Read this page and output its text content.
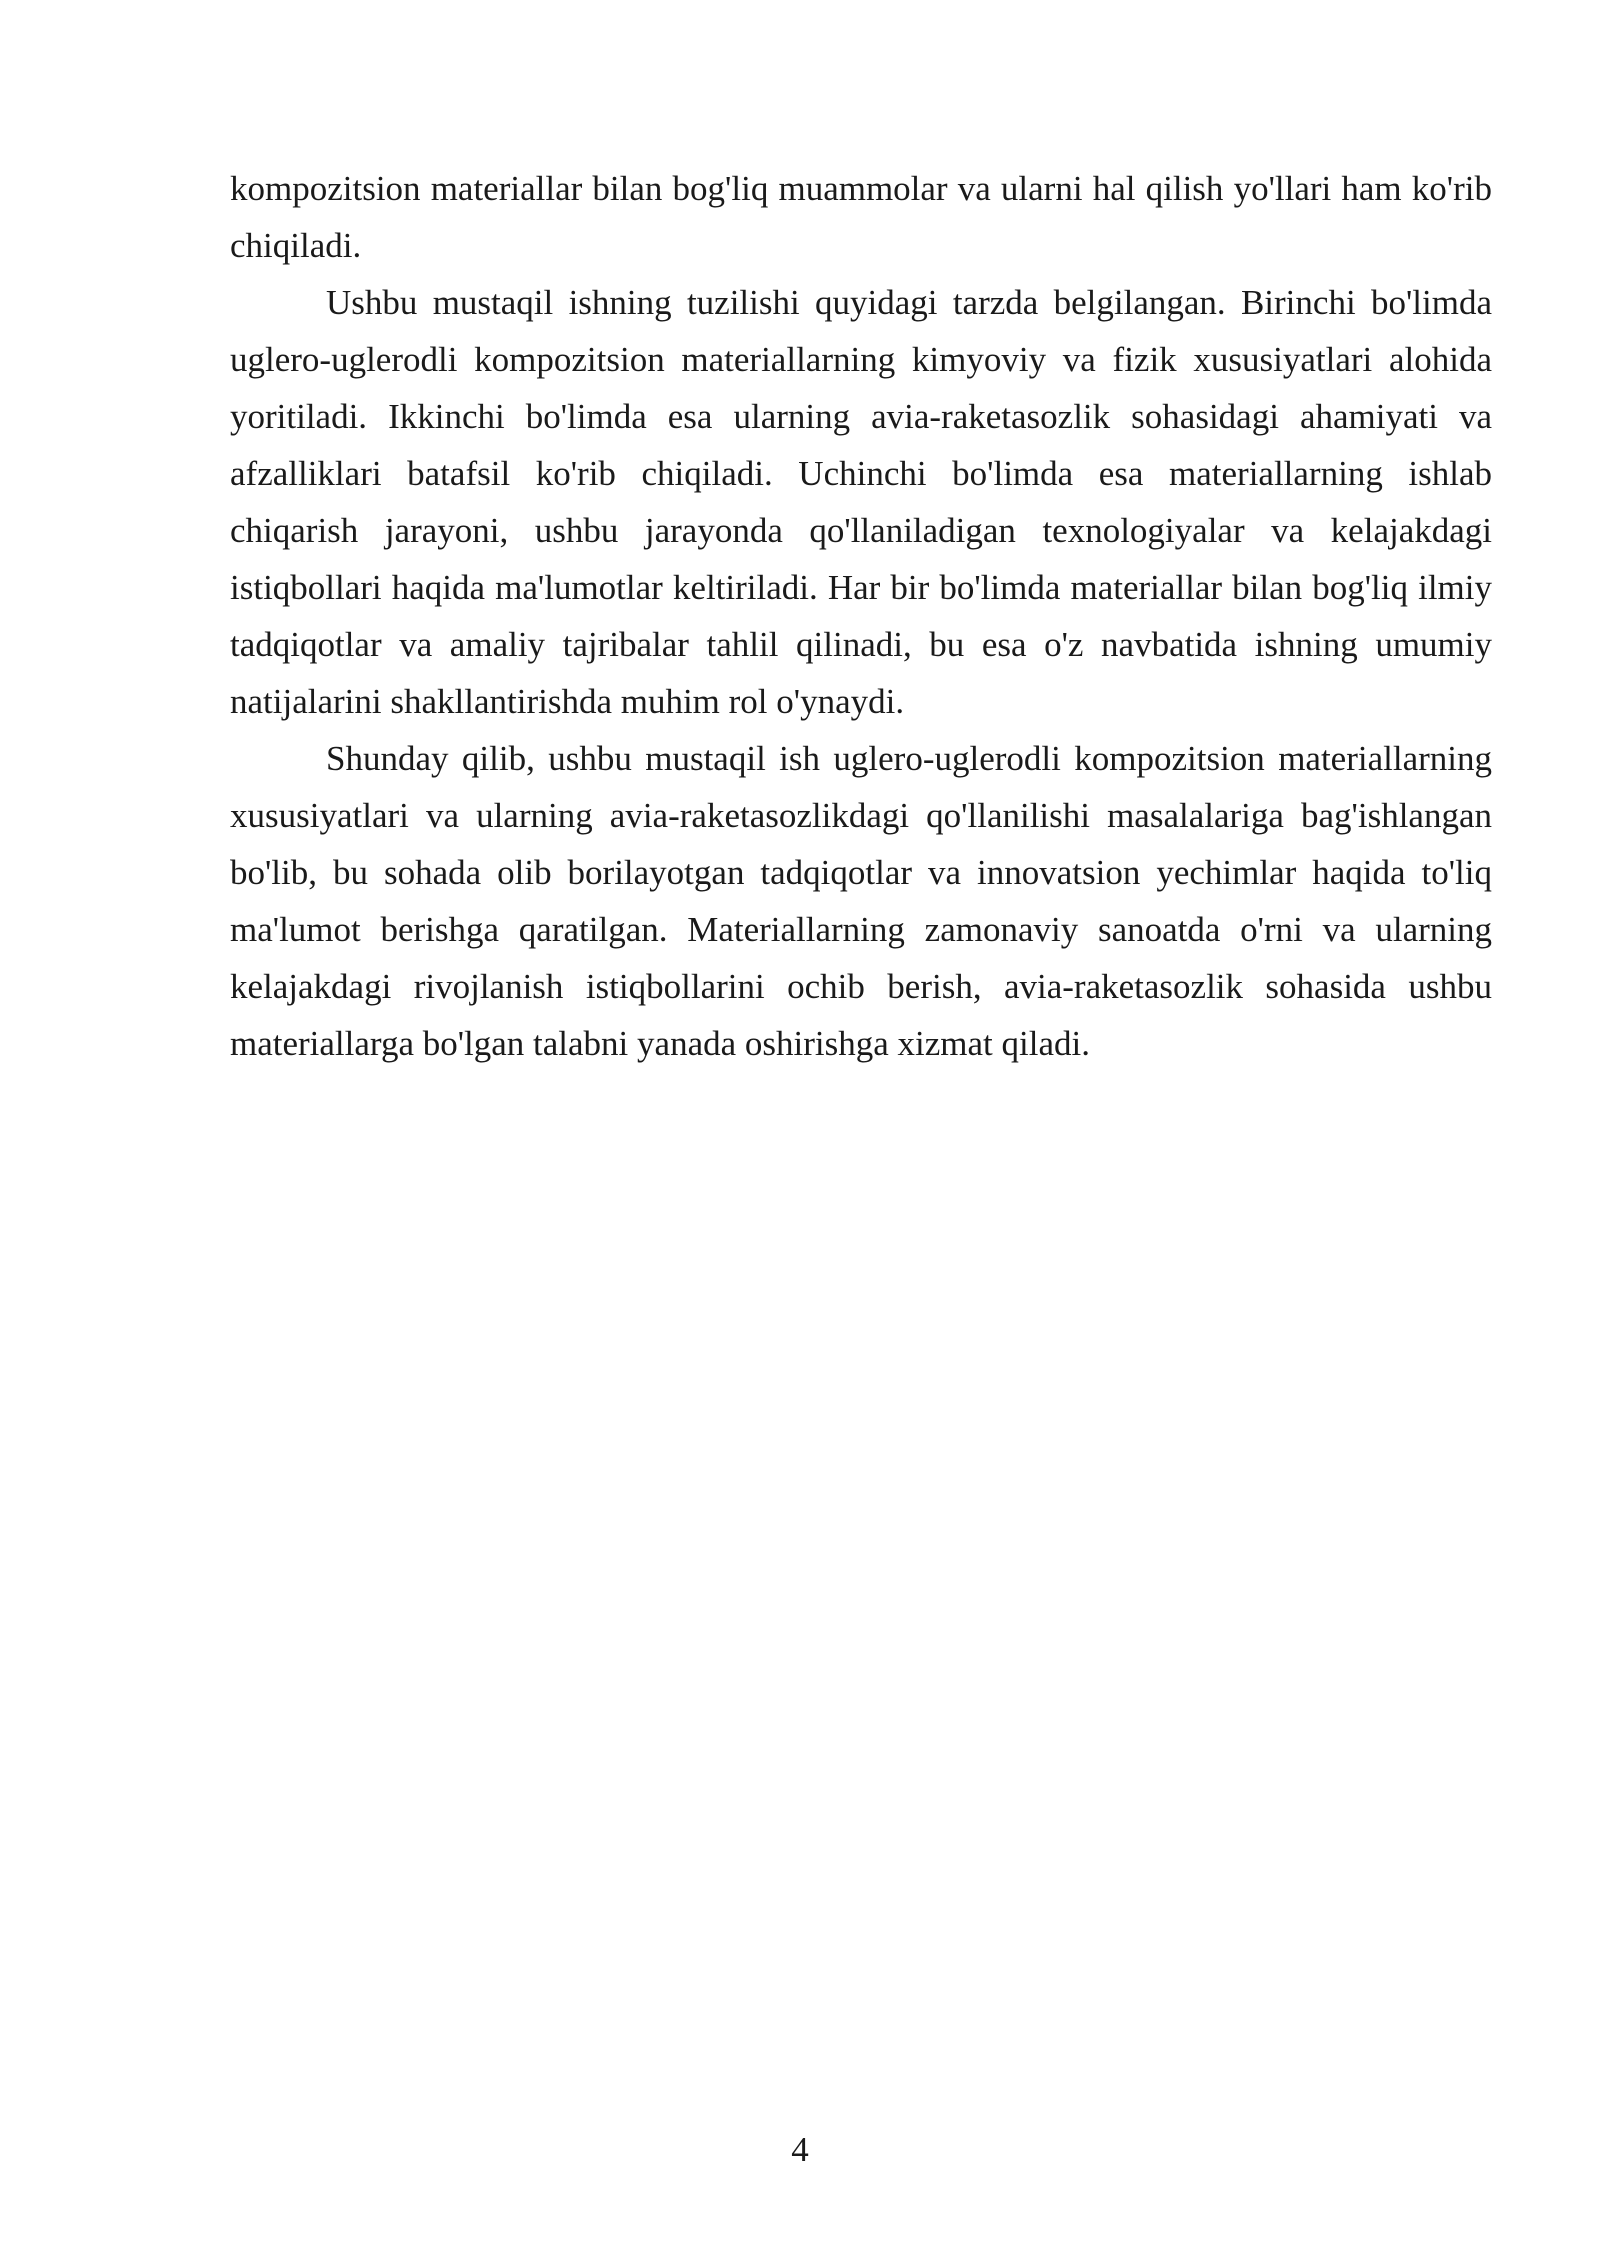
kompozitsion materiallar bilan bog'liq muammolar va ularni hal qilish yo'llari ham ko'rib chiqiladi.

Ushbu mustaqil ishning tuzilishi quyidagi tarzda belgilangan. Birinchi bo'limda uglero-uglerodli kompozitsion materiallarning kimyoviy va fizik xususiyatlari alohida yoritiladi. Ikkinchi bo'limda esa ularning avia-raketasozlik sohasidagi ahamiyati va afzalliklari batafsil ko'rib chiqiladi. Uchinchi bo'limda esa materiallarning ishlab chiqarish jarayoni, ushbu jarayonda qo'llaniladigan texnologiyalar va kelajakdagi istiqbollari haqida ma'lumotlar keltiriladi. Har bir bo'limda materiallar bilan bog'liq ilmiy tadqiqotlar va amaliy tajribalar tahlil qilinadi, bu esa o'z navbatida ishning umumiy natijalarini shakllantirishda muhim rol o'ynaydi.

Shunday qilib, ushbu mustaqil ish uglero-uglerodli kompozitsion materiallarning xususiyatlari va ularning avia-raketasozlikdagi qo'llanilishi masalalariga bag'ishlangan bo'lib, bu sohada olib borilayotgan tadqiqotlar va innovatsion yechimlar haqida to'liq ma'lumot berishga qaratilgan. Materiallarning zamonaviy sanoatda o'rni va ularning kelajakdagi rivojlanish istiqbollarini ochib berish, avia-raketasozlik sohasida ushbu materiallarga bo'lgan talabni yanada oshirishga xizmat qiladi.

4
